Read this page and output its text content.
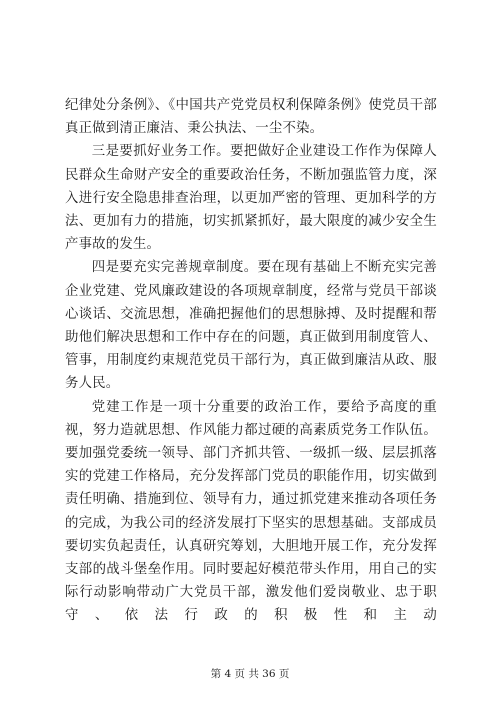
纪律处分条例》、《中国共产党党员权利保障条例》使党员干部真正做到清正廉洁、秉公执法、一尘不染。

三是要抓好业务工作。要把做好企业建设工作作为保障人民群众生命财产安全的重要政治任务，不断加强监管力度，深入进行安全隐患排查治理，以更加严密的管理、更加科学的方法、更加有力的措施，切实抓紧抓好，最大限度的减少安全生产事故的发生。

四是要充实完善规章制度。要在现有基础上不断充实完善企业党建、党风廉政建设的各项规章制度，经常与党员干部谈心谈话、交流思想，准确把握他们的思想脉搏、及时提醒和帮助他们解决思想和工作中存在的问题，真正做到用制度管人、管事，用制度约束规范党员干部行为，真正做到廉洁从政、服务人民。

党建工作是一项十分重要的政治工作，要给予高度的重视，努力造就思想、作风能力都过硬的高素质党务工作队伍。要加强党委统一领导、部门齐抓共管、一级抓一级、层层抓落实的党建工作格局，充分发挥部门党员的职能作用，切实做到责任明确、措施到位、领导有力，通过抓党建来推动各项任务的完成，为我公司的经济发展打下坚实的思想基础。支部成员要切实负起责任，认真研究筹划，大胆地开展工作，充分发挥支部的战斗堡垒作用。同时要起好模范带头作用，用自己的实际行动影响带动广大党员干部，激发他们爱岗敬业、忠于职守、依法行政的积极性和主动

第 4 页 共 36 页
